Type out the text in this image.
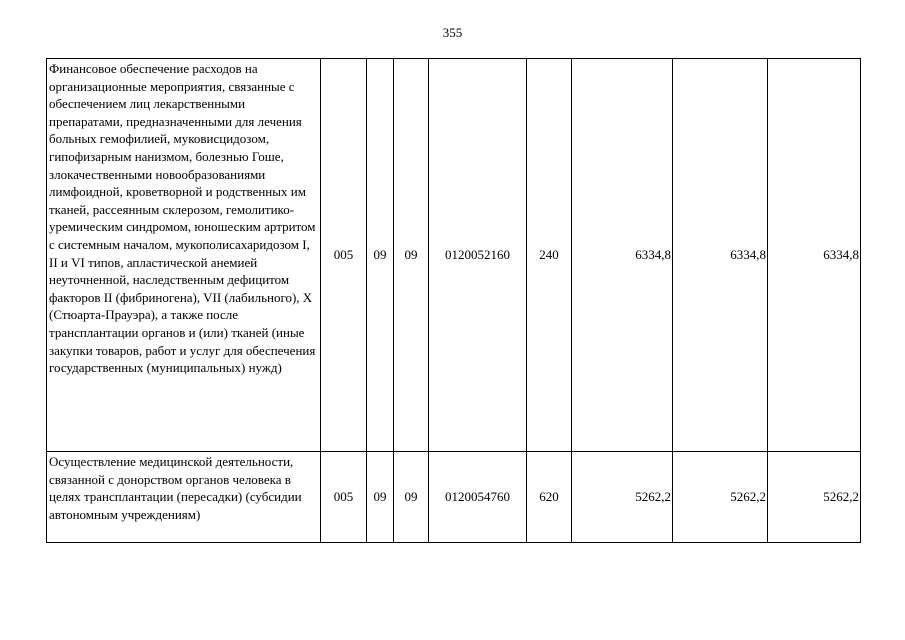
355
Финансовое обеспечение расходов на организационные мероприятия, связанные с обеспечением лиц лекарственными препаратами, предназначенными для лечения больных гемофилией, муковисцидозом, гипофизарным нанизмом, болезнью Гоше, злокачественными новообразованиями лимфоидной, кроветворной и родственных им тканей, рассеянным склерозом, гемолитико-уремическим синдромом, юношеским артритом с системным началом, мукополисахаридозом I, II и VI типов, апластической анемией неуточненной, наследственным дефицитом факторов II (фибриногена), VII (лабильного), X (Стюарта-Прауэра), а также после трансплантации органов и (или) тканей (иные закупки товаров, работ и услуг для обеспечения государственных (муниципальных) нужд)	005	09	09	0120052160	240	6334,8	6334,8	6334,8
Осуществление медицинской деятельности, связанной с донорством органов человека в целях трансплантации (пересадки) (субсидии автономным учреждениям)	005	09	09	0120054760	620	5262,2	5262,2	5262,2
